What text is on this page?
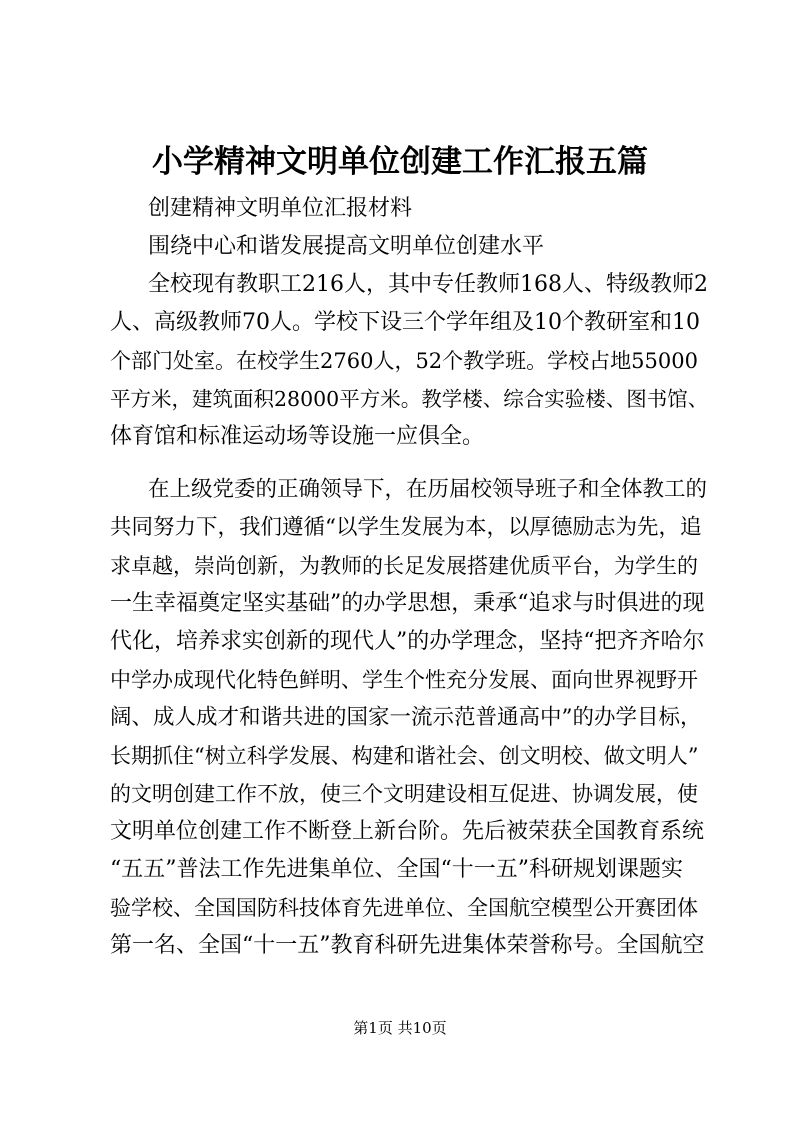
小学精神文明单位创建工作汇报五篇
创建精神文明单位汇报材料
围绕中心和谐发展提高文明单位创建水平
全校现有教职工216人，其中专任教师168人、特级教师2
人、高级教师70人。学校下设三个学年组及10个教研室和10
个部门处室。在校学生2760人，52个教学班。学校占地55000
平方米，建筑面积28000平方米。教学楼、综合实验楼、图书馆、
体育馆和标准运动场等设施一应俱全。
在上级党委的正确领导下，在历届校领导班子和全体教工的
共同努力下，我们遵循“以学生发展为本，以厚德励志为先，追
求卓越，崇尚创新，为教师的长足发展搭建优质平台，为学生的
一生幸福奠定坚实基础”的办学思想，秉承“追求与时俱进的现
代化，培养求实创新的现代人”的办学理念，坚持“把齐齐哈尔
中学办成现代化特色鲜明、学生个性充分发展、面向世界视野开
阔、成人成才和谐共进的国家一流示范普通高中”的办学目标，
长期抓住“树立科学发展、构建和谐社会、创文明校、做文明人”
的文明创建工作不放，使三个文明建设相互促进、协调发展，使
文明单位创建工作不断登上新台阶。先后被荣获全国教育系统
“五五”普法工作先进集单位、全国“十一五”科研规划课题实
验学校、全国国防科技体育先进单位、全国航空模型公开赛团体
第一名、全国“十一五”教育科研先进集体荣誉称号。全国航空
第1页 共10页
